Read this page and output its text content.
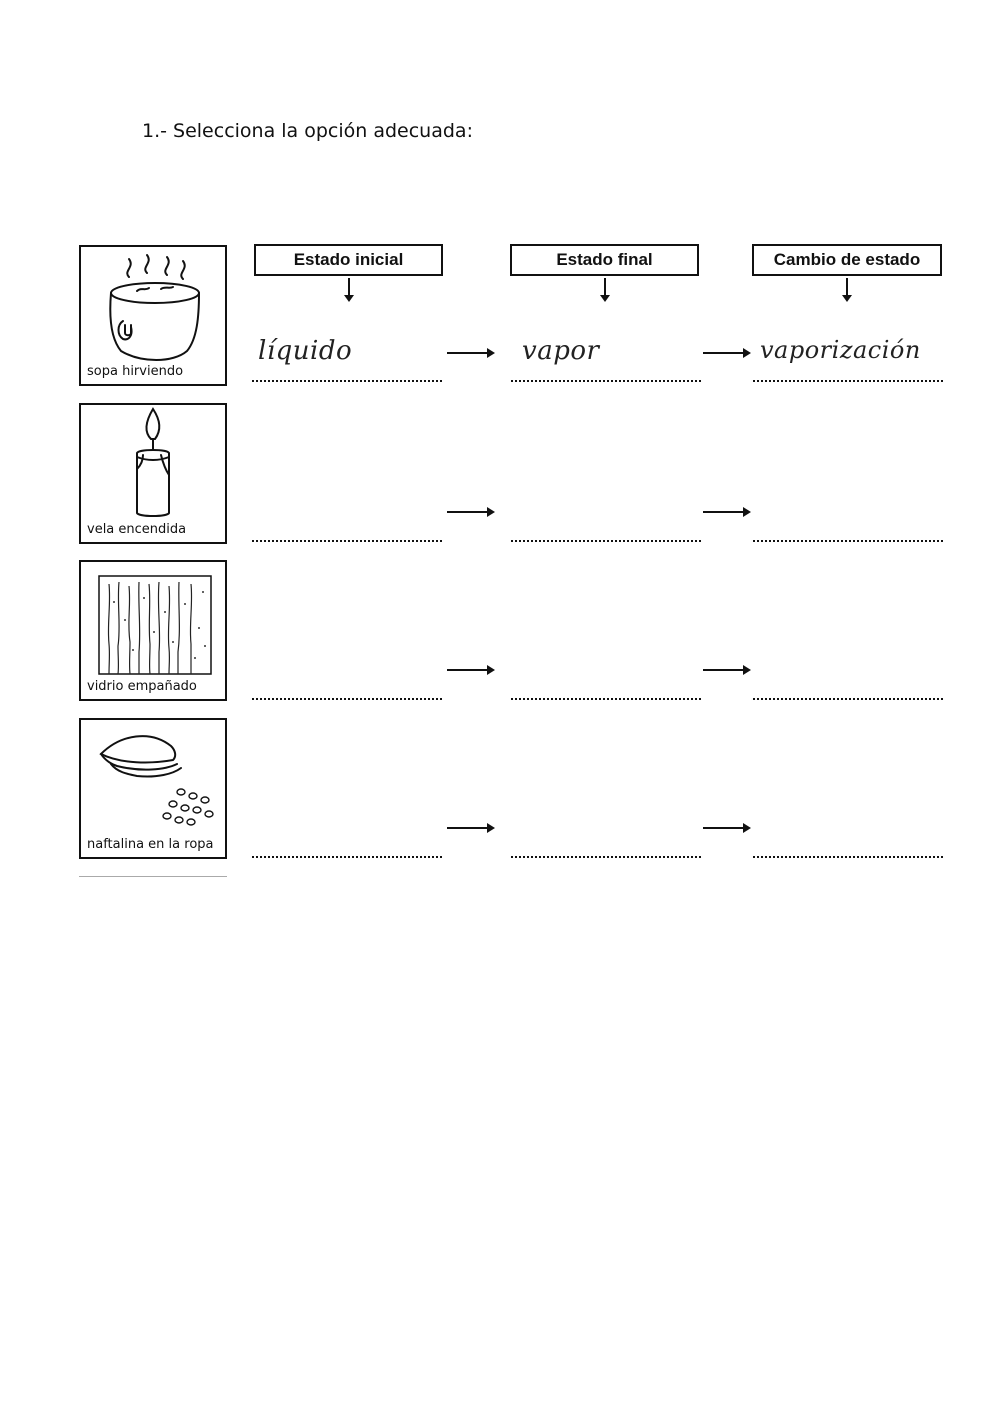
1.- Selecciona la opción adecuada:
Estado inicial	Estado final	Cambio de estado
sopa hirviendo
líquido	vapor	vaporización
vela encendida
vidrio empañado
naftalina en la ropa
